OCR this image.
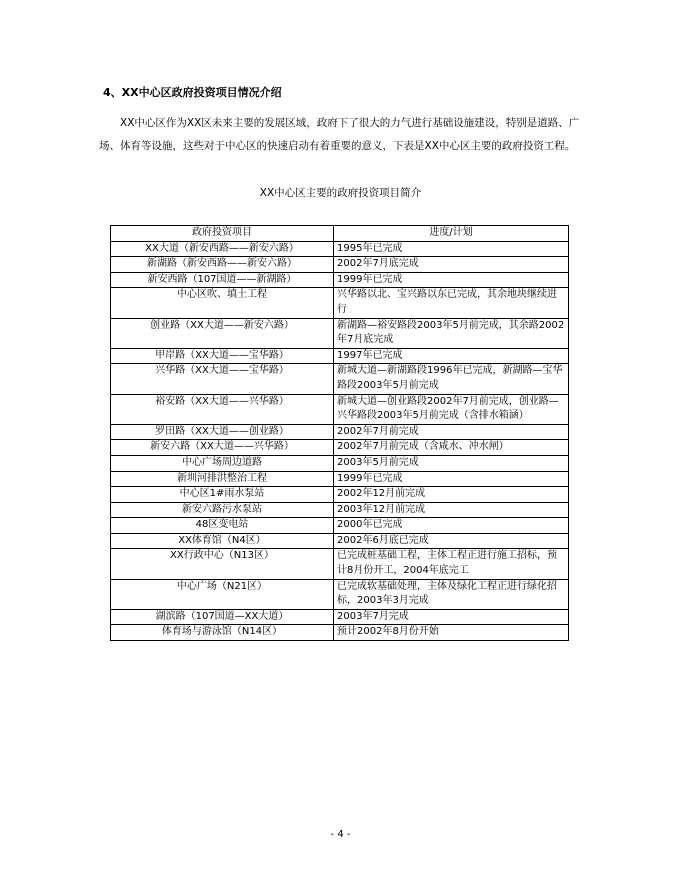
4、XX中心区政府投资项目情况介绍

XX中心区作为XX区未来主要的发展区域，政府下了很大的力气进行基础设施建设，特别是道路、广场、体育等设施，这些对于中心区的快速启动有着重要的意义，下表是XX中心区主要的政府投资工程。

XX中心区主要的政府投资项目简介
政府投资项目	进度/计划
XX大道（新安西路——新安六路）	1995年已完成
新湖路（新安西路——新安六路）	2002年7月底完成
新安西路（107国道——新湖路）	1999年已完成
中心区吹、填土工程	兴华路以北、宝兴路以东已完成，其余地块继续进行
创业路（XX大道——新安六路）	新湖路—裕安路段2003年5月前完成，其余路2002年7月底完成
甲岸路（XX大道——宝华路）	1997年已完成
兴华路（XX大道——宝华路）	新城大道—新湖路段1996年已完成，新湖路—宝华路段2003年5月前完成
裕安路（XX大道——兴华路）	新城大道—创业路段2002年7月前完成，创业路—兴华路段2003年5月前完成（含排水箱涵）
罗田路（XX大道——创业路）	2002年7月前完成
新安六路（XX大道——兴华路）	2002年7月前完成（含咸水、冲水闸）
中心广场周边道路	2003年5月前完成
新圳河排洪整治工程	1999年已完成
中心区1#雨水泵站	2002年12月前完成
新安六路污水泵站	2003年12月前完成
48区变电站	2000年已完成
XX体育馆（N4区）	2002年6月底已完成
XX行政中心（N13区）	已完成桩基础工程，主体工程正进行施工招标，预计8月份开工，2004年底完工
中心广场（N21区）	已完成软基础处理，主体及绿化工程正进行绿化招标，2003年3月完成
湖滨路（107国道—XX大道）	2003年7月完成
体育场与游泳馆（N14区）	预计2002年8月份开始
- 4 -
